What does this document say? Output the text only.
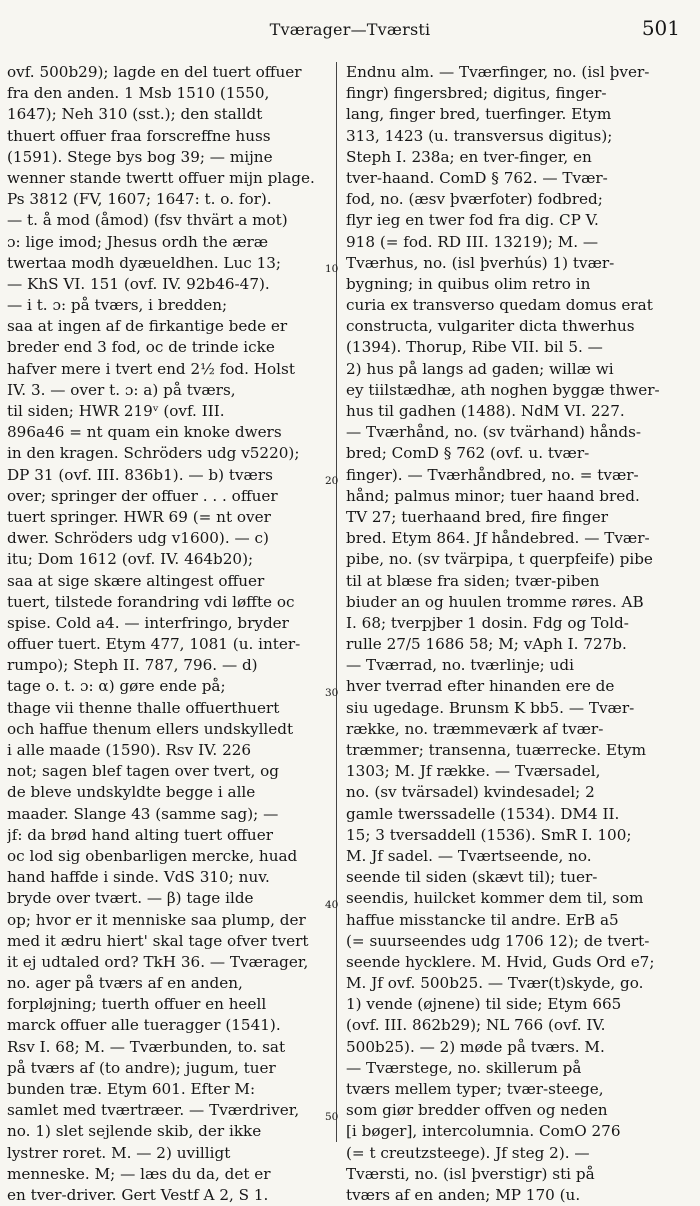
Tværager—Tværsti	501
ovf. 500b29); lagde en del tuert offuer
fra den anden. 1 Msb 1510 (1550,
1647); Neh 310 (sst.); den stalldt
thuert offuer fraa forscreffne huss
(1591). Stege bys bog 39; — mijne
wenner stande twertt offuer mijn plage.
Ps 3812 (FV, 1607; 1647: t. o. for).
— t. å mod (åmod) (fsv thvärt a mot)
ɔ: lige imod; Jhesus ordh the æræ
twertaa modh dyæueldhen. Luc 13;
— KhS VI. 151 (ovf. IV. 92b46-47).
— i t. ɔ: på tværs, i bredden;
saa at ingen af de firkantige bede er
breder end 3 fod, oc de trinde icke
hafver mere i tvert end 2½ fod. Holst
IV. 3. — over t. ɔ: a) på tværs,
til siden; HWR 219ᵛ (ovf. III.
896a46 = nt quam ein knoke dwers
in den kragen. Schröders udg v5220);
DP 31 (ovf. III. 836b1). — b) tværs
over; springer der offuer . . . offuer
tuert springer. HWR 69 (= nt over
dwer. Schröders udg v1600). — c)
itu; Dom 1612 (ovf. IV. 464b20);
saa at sige skære altingest offuer
tuert, tilstede forandring vdi løffte oc
spise. Cold a4. — interfringo, bryder
offuer tuert. Etym 477, 1081 (u. inter-
rumpo); Steph II. 787, 796. — d)
tage o. t. ɔ: α) gøre ende på;
thage vii thenne thalle offuerthuert
och haffue thenum ellers undskylledt
i alle maade (1590). Rsv IV. 226
not; sagen blef tagen over tvert, og
de bleve undskyldte begge i alle
maader. Slange 43 (samme sag); —
jf: da brød hand alting tuert offuer
oc lod sig obenbarligen mercke, huad
hand haffde i sinde. VdS 310; nuv.
bryde over tvært. — β) tage ilde
op; hvor er it menniske saa plump, der
med it ædru hiert' skal tage ofver tvert
it ej udtaled ord? TkH 36. — Tværager,
no. ager på tværs af en anden,
forpløjning; tuerth offuer en heell
marck offuer alle tueragger (1541).
Rsv I. 68; M. — Tværbunden, to. sat
på tværs af (to andre); jugum, tuer
bunden træ. Etym 601. Efter M:
samlet med tværtræer. — Tværdriver,
no. 1) slet sejlende skib, der ikke
lystrer roret. M. — 2) uvilligt
menneske. M; — læs du da, det er
en tver-driver. Gert Vestf A 2, S 1.
Endnu alm. — Tværfinger, no. (isl þver-
fingr) fingersbred; digitus, finger-
lang, finger bred, tuerfinger. Etym
313, 1423 (u. transversus digitus);
Steph I. 238a; en tver-finger, en
tver-haand. ComD § 762. — Tvær-
fod, no. (æsv þværfoter) fodbred;
flyr ieg en twer fod fra dig. CP V.
918 (= fod. RD III. 13219); M. —
Tværhus, no. (isl þverhús) 1) tvær-
bygning; in quibus olim retro in
curia ex transverso quedam domus erat
constructa, vulgariter dicta thwerhus
(1394). Thorup, Ribe VII. bil 5. —
2) hus på langs ad gaden; willæ wi
ey tiilstædhæ, ath noghen byggæ thwer-
hus til gadhen (1488). NdM VI. 227.
— Tværhånd, no. (sv tvärhand) hånds-
bred; ComD § 762 (ovf. u. tvær-
finger). — Tværhåndbred, no. = tvær-
hånd; palmus minor; tuer haand bred.
TV 27; tuerhaand bred, fire finger
bred. Etym 864. Jf håndebred. — Tvær-
pibe, no. (sv tvärpipa, t querpfeife) pibe
til at blæse fra siden; tvær-piben
biuder an og huulen tromme røres. AB
I. 68; tverpjber 1 dosin. Fdg og Told-
rulle 27/5 1686 58; M; vAph I. 727b.
— Tværrad, no. tværlinje; udi
hver tverrad efter hinanden ere de
siu ugedage. Brunsm K bb5. — Tvær-
række, no. træmmeværk af tvær-
træmmer; transenna, tuærrecke. Etym
1303; M. Jf række. — Tværsadel,
no. (sv tvärsadel) kvindesadel; 2
gamle twerssadelle (1534). DM4 II.
15; 3 tversaddell (1536). SmR I. 100;
M. Jf sadel. — Tværtseende, no.
seende til siden (skævt til); tuer-
seendis, huilcket kommer dem til, som
haffue misstancke til andre. ErB a5
(= suurseendes udg 1706 12); de tvert-
seende hycklere. M. Hvid, Guds Ord e7;
M. Jf ovf. 500b25. — Tvær(t)skyde, go.
1) vende (øjnene) til side; Etym 665
(ovf. III. 862b29); NL 766 (ovf. IV.
500b25). — 2) møde på tværs. M.
— Tværstege, no. skillerum på
tværs mellem typer; tvær-steege,
som giør bredder offven og neden
[i bøger], intercolumnia. ComO 276
(= t creutzsteege). Jf steg 2). —
Tværsti, no. (isl þverstigr) sti på
tværs af en anden; MP 170 (u.
10
20
30
40
50
